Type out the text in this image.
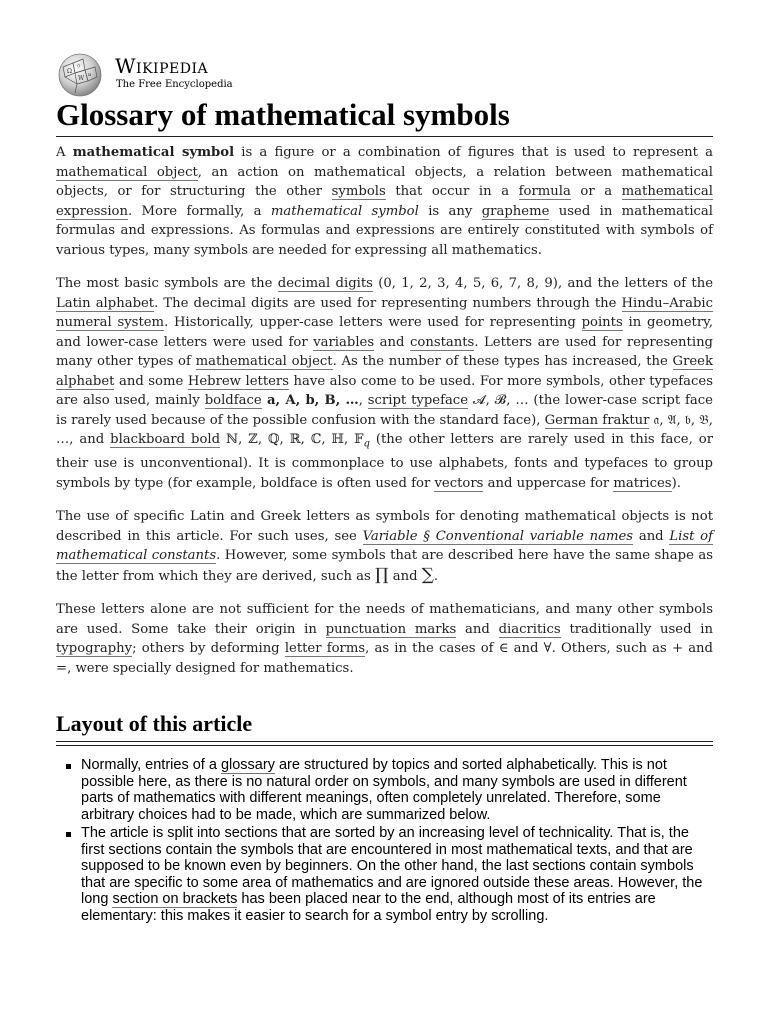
Ω
W и
ウ Wikipedia
The Free Encyclopedia
Glossary of mathematical symbols

A mathematical symbol is a figure or a combination of figures that is used to represent a mathematical object, an action on mathematical objects, a relation between mathematical objects, or for structuring the other symbols that occur in a formula or a mathematical expression. More formally, a mathematical symbol is any grapheme used in mathematical formulas and expressions. As formulas and expressions are entirely constituted with symbols of various types, many symbols are needed for expressing all mathematics.

The most basic symbols are the decimal digits (0, 1, 2, 3, 4, 5, 6, 7, 8, 9), and the letters of the Latin alphabet. The decimal digits are used for representing numbers through the Hindu–Arabic numeral system. Historically, upper-case letters were used for representing points in geometry, and lower-case letters were used for variables and constants. Letters are used for representing many other types of mathematical object. As the number of these types has increased, the Greek alphabet and some Hebrew letters have also come to be used. For more symbols, other typefaces are also used, mainly boldface a, A, b, B, …, script typeface 𝓐, 𝓑, … (the lower-case script face is rarely used because of the possible confusion with the standard face), German fraktur 𝔞, 𝔄, 𝔟, 𝔅, …, and blackboard bold ℕ, ℤ, ℚ, ℝ, ℂ, ℍ, 𝔽$_q$ (the other letters are rarely used in this face, or their use is unconventional). It is commonplace to use alphabets, fonts and typefaces to group symbols by type (for example, boldface is often used for vectors and uppercase for matrices).

The use of specific Latin and Greek letters as symbols for denoting mathematical objects is not described in this article. For such uses, see Variable § Conventional variable names and List of mathematical constants. However, some symbols that are described here have the same shape as the letter from which they are derived, such as ∏ and ∑.

These letters alone are not sufficient for the needs of mathematicians, and many other symbols are used. Some take their origin in punctuation marks and diacritics traditionally used in typography; others by deforming letter forms, as in the cases of ∈ and ∀. Others, such as + and =, were specially designed for mathematics.

Layout of this article
Normally, entries of a glossary are structured by topics and sorted alphabetically. This is not possible here, as there is no natural order on symbols, and many symbols are used in different parts of mathematics with different meanings, often completely unrelated. Therefore, some arbitrary choices had to be made, which are summarized below.
The article is split into sections that are sorted by an increasing level of technicality. That is, the first sections contain the symbols that are encountered in most mathematical texts, and that are supposed to be known even by beginners. On the other hand, the last sections contain symbols that are specific to some area of mathematics and are ignored outside these areas. However, the long section on brackets has been placed near to the end, although most of its entries are elementary: this makes it easier to search for a symbol entry by scrolling.
